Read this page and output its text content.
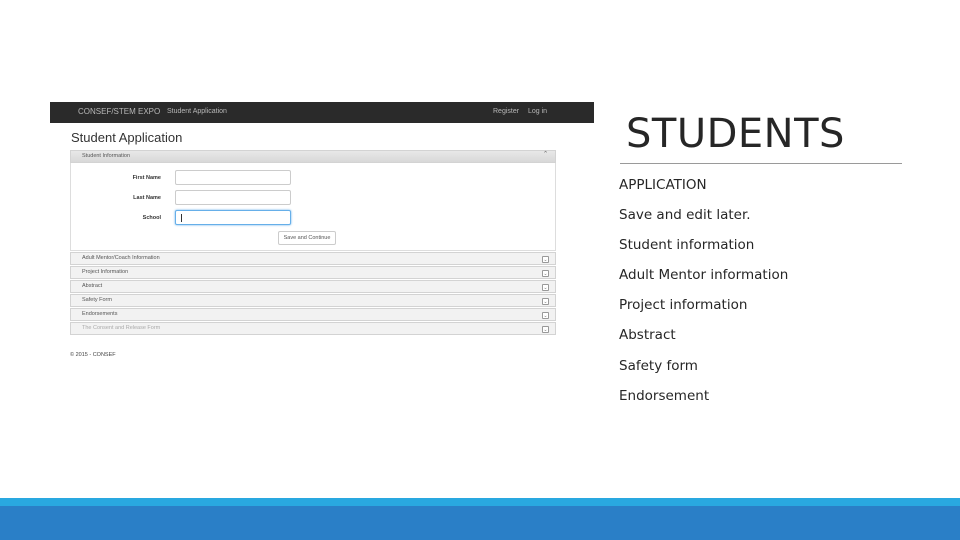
CONSEF/STEM EXPO Student Application	Register Log in
Student Application
Student Information	⌃
First Name
Last Name
School
Save and Continue
Adult Mentor/Coach Information	⌄
Project Information	⌄
Abstract	⌄
Safety Form	⌄
Endorsements	⌄
The Consent and Release Form	⌄
© 2015 - CONSEF
STUDENTS
APPLICATION
Save and edit later.
Student information
Adult Mentor information
Project information
Abstract
Safety form
Endorsement
